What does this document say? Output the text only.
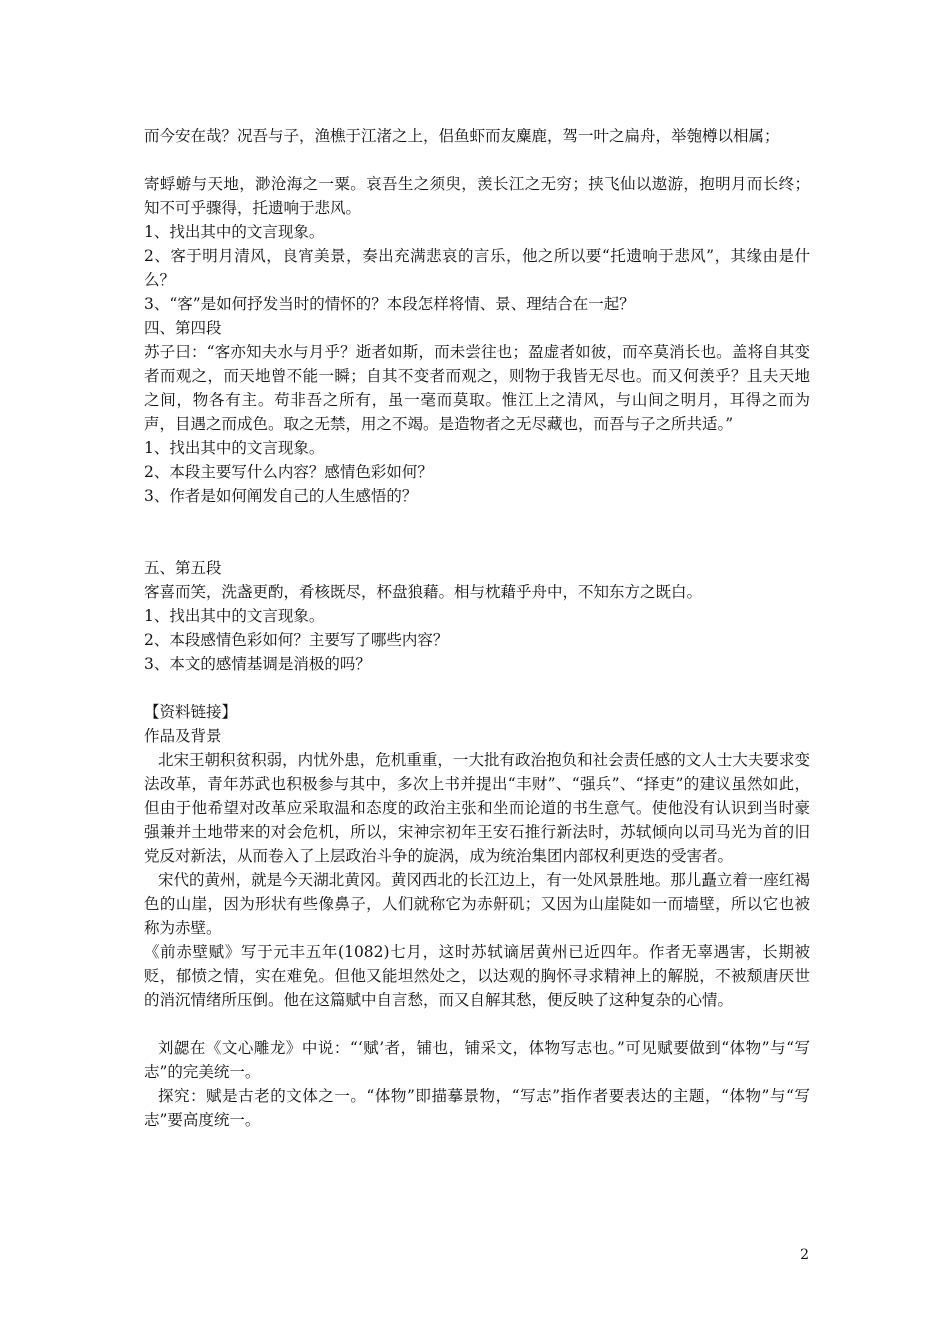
而今安在哉？况吾与子，渔樵于江渚之上，侣鱼虾而友麋鹿，驾一叶之扁舟，举匏樽以相属；

寄蜉蝣与天地，渺沧海之一粟。哀吾生之须臾，羡长江之无穷；挟飞仙以遨游，抱明月而长终；知不可乎骤得，托遗响于悲风。

1、找出其中的文言现象。

2、客于明月清风，良宵美景，奏出充满悲哀的言乐，他之所以要“托遗响于悲风”，其缘由是什么？

3、“客”是如何抒发当时的情怀的？本段怎样将情、景、理结合在一起？

四、第四段

苏子曰：“客亦知夫水与月乎？逝者如斯，而未尝往也；盈虚者如彼，而卒莫消长也。盖将自其变者而观之，而天地曾不能一瞬；自其不变者而观之，则物于我皆无尽也。而又何羡乎？且夫天地之间，物各有主。苟非吾之所有，虽一毫而莫取。惟江上之清风，与山间之明月，耳得之而为声，目遇之而成色。取之无禁，用之不竭。是造物者之无尽藏也，而吾与子之所共适。”

1、找出其中的文言现象。

2、本段主要写什么内容？感情色彩如何？

3、作者是如何阐发自己的人生感悟的？

五、第五段

客喜而笑，洗盏更酌，肴核既尽，杯盘狼藉。相与枕藉乎舟中，不知东方之既白。

1、找出其中的文言现象。

2、本段感情色彩如何？主要写了哪些内容？

3、本文的感情基调是消极的吗？

【资料链接】

作品及背景

北宋王朝积贫积弱，内忧外患，危机重重，一大批有政治抱负和社会责任感的文人士大夫要求变法改革，青年苏武也积极参与其中，多次上书并提出“丰财”、“强兵”、“择吏”的建议虽然如此，但由于他希望对改革应采取温和态度的政治主张和坐而论道的书生意气。使他没有认识到当时豪强兼并土地带来的对会危机，所以，宋神宗初年王安石推行新法时，苏轼倾向以司马光为首的旧党反对新法，从而卷入了上层政治斗争的旋涡，成为统治集团内部权利更迭的受害者。

宋代的黄州，就是今天湖北黄冈。黄冈西北的长江边上，有一处风景胜地。那儿矗立着一座红褐色的山崖，因为形状有些像鼻子，人们就称它为赤鼾矶；又因为山崖陡如一而墙壁，所以它也被称为赤壁。

《前赤壁赋》写于元丰五年(1082)七月，这时苏轼谪居黄州已近四年。作者无辜遇害，长期被贬，郁愤之情，实在难免。但他又能坦然处之，以达观的胸怀寻求精神上的解脱，不被颓唐厌世的消沉情绪所压倒。他在这篇赋中自言愁，而又自解其愁，便反映了这种复杂的心情。

刘勰在《文心雕龙》中说：“‘赋’者，铺也，铺采文，体物写志也。”可见赋要做到“体物”与“写志”的完美统一。

探究：赋是古老的文体之一。“体物”即描摹景物，“写志”指作者要表达的主题，“体物”与“写志”要高度统一。

2
